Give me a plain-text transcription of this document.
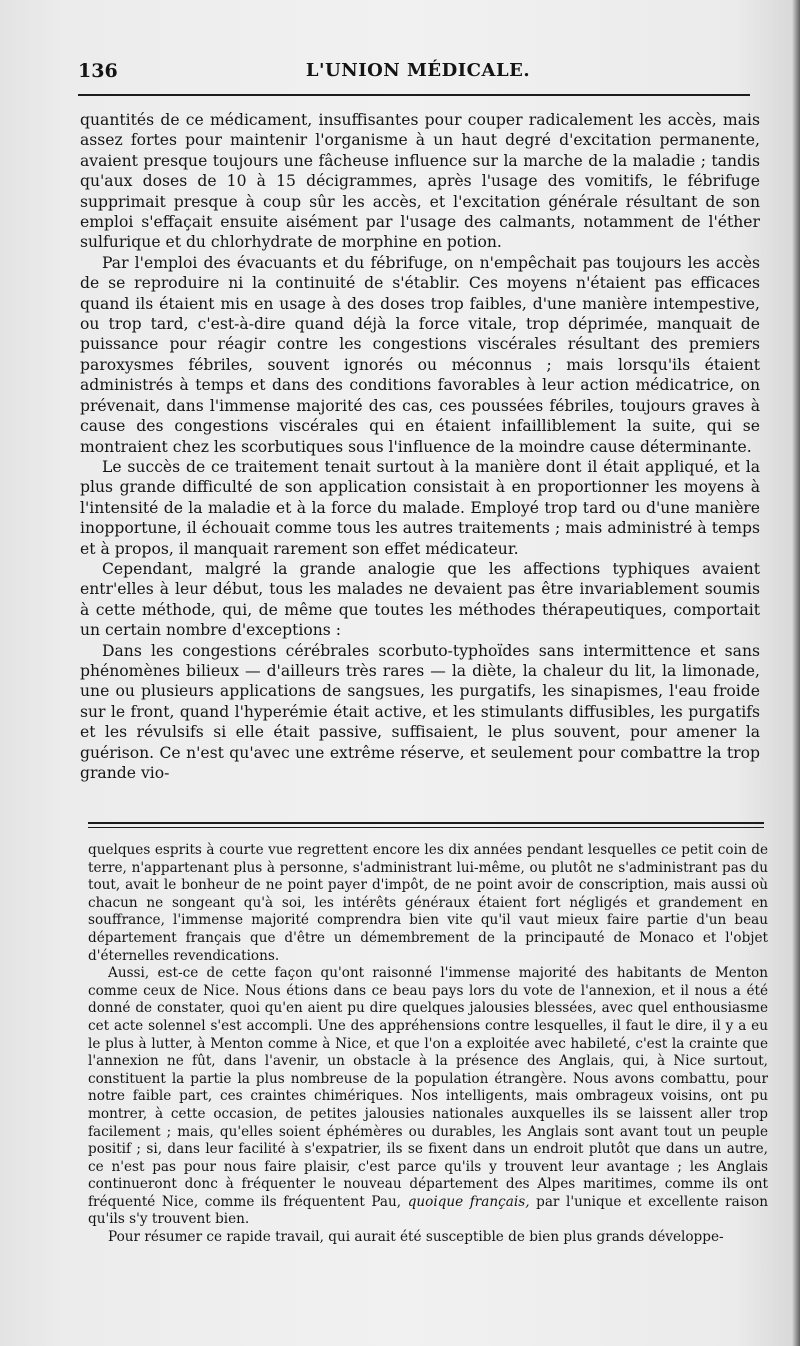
136	L'UNION MÉDICALE.

quantités de ce médicament, insuffisantes pour couper radicalement les accès, mais assez fortes pour maintenir l'organisme à un haut degré d'excitation permanente, avaient presque toujours une fâcheuse influence sur la marche de la maladie ; tandis qu'aux doses de 10 à 15 décigrammes, après l'usage des vomitifs, le fébrifuge supprimait presque à coup sûr les accès, et l'excitation générale résultant de son emploi s'effaçait ensuite aisément par l'usage des calmants, notamment de l'éther sulfurique et du chlorhydrate de morphine en potion.

Par l'emploi des évacuants et du fébrifuge, on n'empêchait pas toujours les accès de se reproduire ni la continuité de s'établir. Ces moyens n'étaient pas efficaces quand ils étaient mis en usage à des doses trop faibles, d'une manière intempestive, ou trop tard, c'est-à-dire quand déjà la force vitale, trop déprimée, manquait de puissance pour réagir contre les congestions viscérales résultant des premiers paroxysmes fébriles, souvent ignorés ou méconnus ; mais lorsqu'ils étaient administrés à temps et dans des conditions favorables à leur action médicatrice, on prévenait, dans l'immense majorité des cas, ces poussées fébriles, toujours graves à cause des congestions viscérales qui en étaient infailliblement la suite, qui se montraient chez les scorbutiques sous l'influence de la moindre cause déterminante.

Le succès de ce traitement tenait surtout à la manière dont il était appliqué, et la plus grande difficulté de son application consistait à en proportionner les moyens à l'intensité de la maladie et à la force du malade. Employé trop tard ou d'une manière inopportune, il échouait comme tous les autres traitements ; mais administré à temps et à propos, il manquait rarement son effet médicateur.

Cependant, malgré la grande analogie que les affections typhiques avaient entr'elles à leur début, tous les malades ne devaient pas être invariablement soumis à cette méthode, qui, de même que toutes les méthodes thérapeutiques, comportait un certain nombre d'exceptions :

Dans les congestions cérébrales scorbuto-typhoïdes sans intermittence et sans phénomènes bilieux — d'ailleurs très rares — la diète, la chaleur du lit, la limonade, une ou plusieurs applications de sangsues, les purgatifs, les sinapismes, l'eau froide sur le front, quand l'hyperémie était active, et les stimulants diffusibles, les purgatifs et les révulsifs si elle était passive, suffisaient, le plus souvent, pour amener la guérison. Ce n'est qu'avec une extrême réserve, et seulement pour combattre la trop grande vio-

quelques esprits à courte vue regrettent encore les dix années pendant lesquelles ce petit coin de terre, n'appartenant plus à personne, s'administrant lui-même, ou plutôt ne s'administrant pas du tout, avait le bonheur de ne point payer d'impôt, de ne point avoir de conscription, mais aussi où chacun ne songeant qu'à soi, les intérêts généraux étaient fort négligés et grandement en souffrance, l'immense majorité comprendra bien vite qu'il vaut mieux faire partie d'un beau département français que d'être un démembrement de la principauté de Monaco et l'objet d'éternelles revendications.

Aussi, est-ce de cette façon qu'ont raisonné l'immense majorité des habitants de Menton comme ceux de Nice. Nous étions dans ce beau pays lors du vote de l'annexion, et il nous a été donné de constater, quoi qu'en aient pu dire quelques jalousies blessées, avec quel enthousiasme cet acte solennel s'est accompli. Une des appréhensions contre lesquelles, il faut le dire, il y a eu le plus à lutter, à Menton comme à Nice, et que l'on a exploitée avec habileté, c'est la crainte que l'annexion ne fût, dans l'avenir, un obstacle à la présence des Anglais, qui, à Nice surtout, constituent la partie la plus nombreuse de la population étrangère. Nous avons combattu, pour notre faible part, ces craintes chimériques. Nos intelligents, mais ombrageux voisins, ont pu montrer, à cette occasion, de petites jalousies nationales auxquelles ils se laissent aller trop facilement ; mais, qu'elles soient éphémères ou durables, les Anglais sont avant tout un peuple positif ; si, dans leur facilité à s'expatrier, ils se fixent dans un endroit plutôt que dans un autre, ce n'est pas pour nous faire plaisir, c'est parce qu'ils y trouvent leur avantage ; les Anglais continueront donc à fréquenter le nouveau département des Alpes maritimes, comme ils ont fréquenté Nice, comme ils fréquentent Pau, quoique français, par l'unique et excellente raison qu'ils s'y trouvent bien.

Pour résumer ce rapide travail, qui aurait été susceptible de bien plus grands développe-
